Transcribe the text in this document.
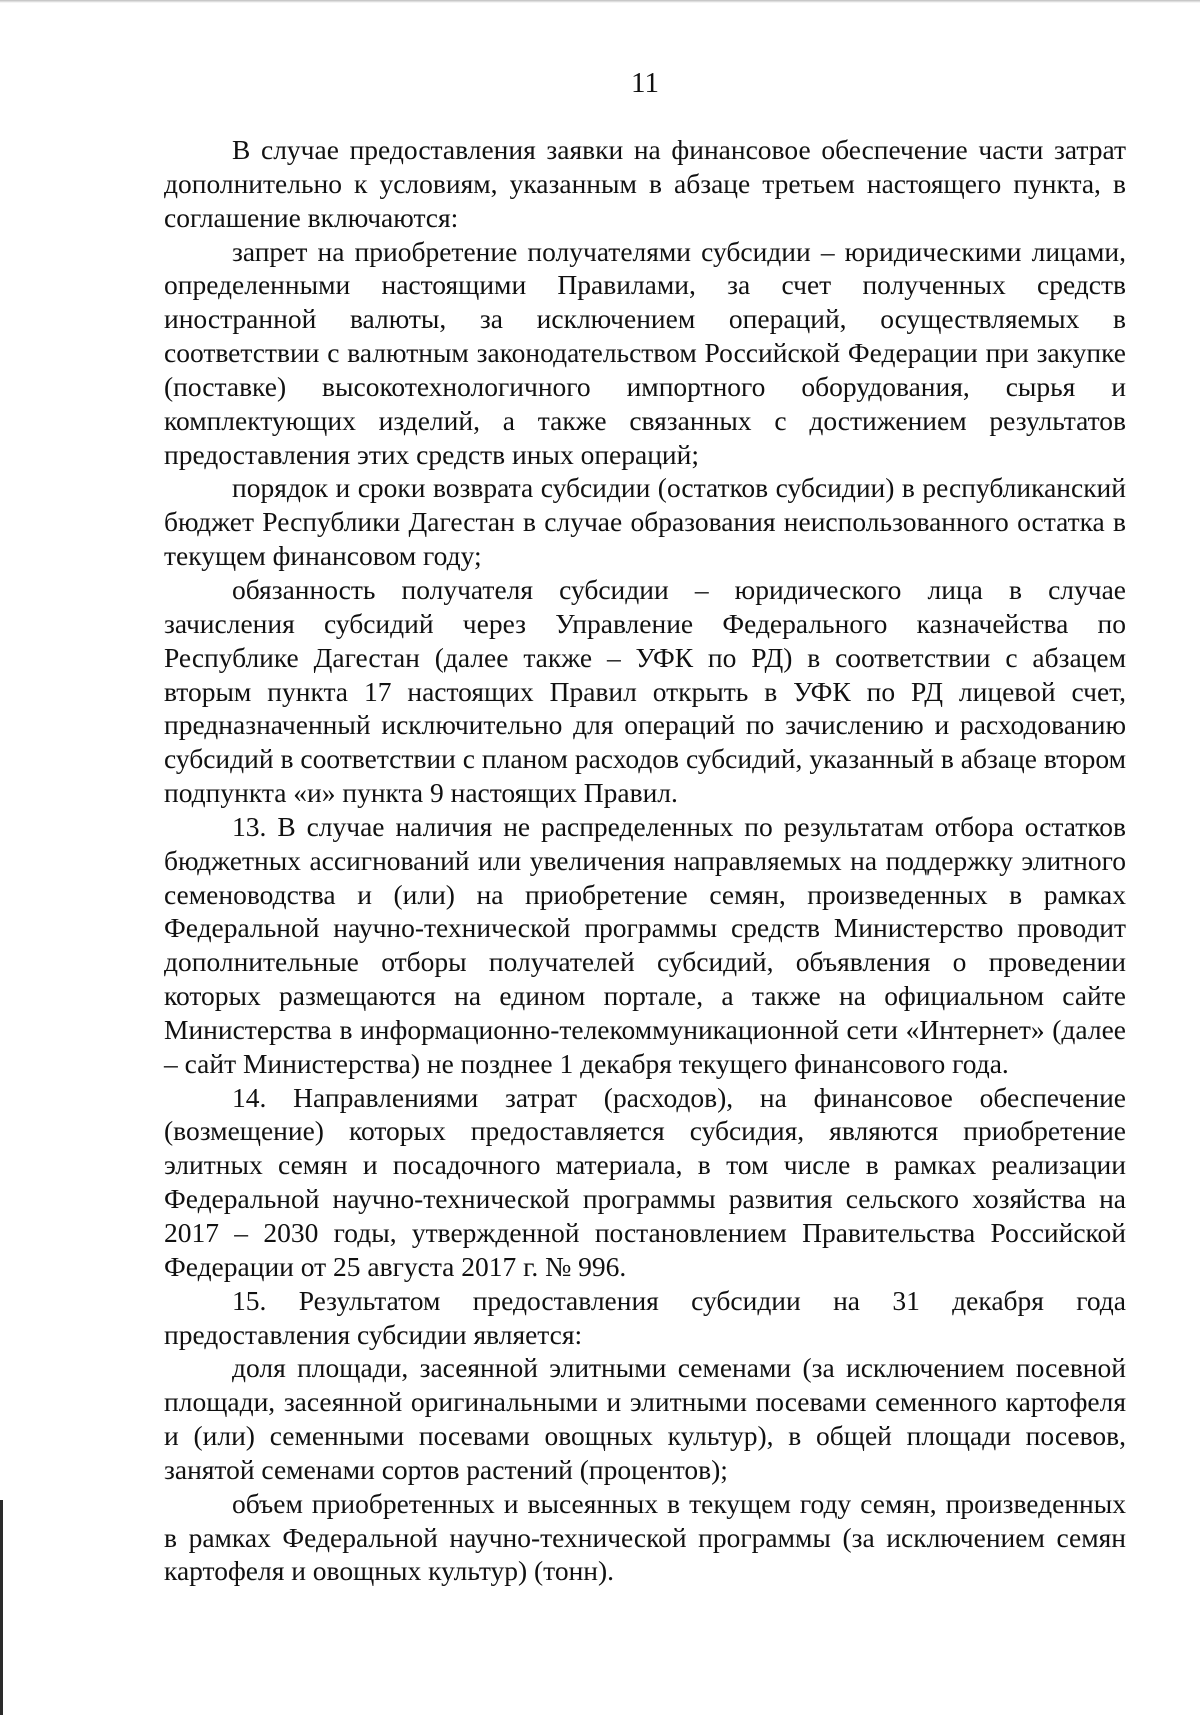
11

В случае предоставления заявки на финансовое обеспечение части затрат дополнительно к условиям, указанным в абзаце третьем настоящего пункта, в соглашение включаются:

запрет на приобретение получателями субсидии – юридическими лицами, определенными настоящими Правилами, за счет полученных средств иностранной валюты, за исключением операций, осуществляемых в соответствии с валютным законодательством Российской Федерации при закупке (поставке) высокотехнологичного импортного оборудования, сырья и комплектующих изделий, а также связанных с достижением результатов предоставления этих средств иных операций;

порядок и сроки возврата субсидии (остатков субсидии) в республиканский бюджет Республики Дагестан в случае образования неиспользованного остатка в текущем финансовом году;

обязанность получателя субсидии – юридического лица в случае зачисления субсидий через Управление Федерального казначейства по Республике Дагестан (далее также – УФК по РД) в соответствии с абзацем вторым пункта 17 настоящих Правил открыть в УФК по РД лицевой счет, предназначенный исключительно для операций по зачислению и расходованию субсидий в соответствии с планом расходов субсидий, указанный в абзаце втором подпункта «и» пункта 9 настоящих Правил.

13. В случае наличия не распределенных по результатам отбора остатков бюджетных ассигнований или увеличения направляемых на поддержку элитного семеноводства и (или) на приобретение семян, произведенных в рамках Федеральной научно-технической программы средств Министерство проводит дополнительные отборы получателей субсидий, объявления о проведении которых размещаются на едином портале, а также на официальном сайте Министерства в информационно-телекоммуникационной сети «Интернет» (далее – сайт Министерства) не позднее 1 декабря текущего финансового года.

14. Направлениями затрат (расходов), на финансовое обеспечение (возмещение) которых предоставляется субсидия, являются приобретение элитных семян и посадочного материала, в том числе в рамках реализации Федеральной научно-технической программы развития сельского хозяйства на 2017 – 2030 годы, утвержденной постановлением Правительства Российской Федерации от 25 августа 2017 г. № 996.

15. Результатом предоставления субсидии на 31 декабря года предоставления субсидии является:

доля площади, засеянной элитными семенами (за исключением посевной площади, засеянной оригинальными и элитными посевами семенного картофеля и (или) семенными посевами овощных культур), в общей площади посевов, занятой семенами сортов растений (процентов);

объем приобретенных и высеянных в текущем году семян, произведенных в рамках Федеральной научно-технической программы (за исключением семян картофеля и овощных культур) (тонн).
